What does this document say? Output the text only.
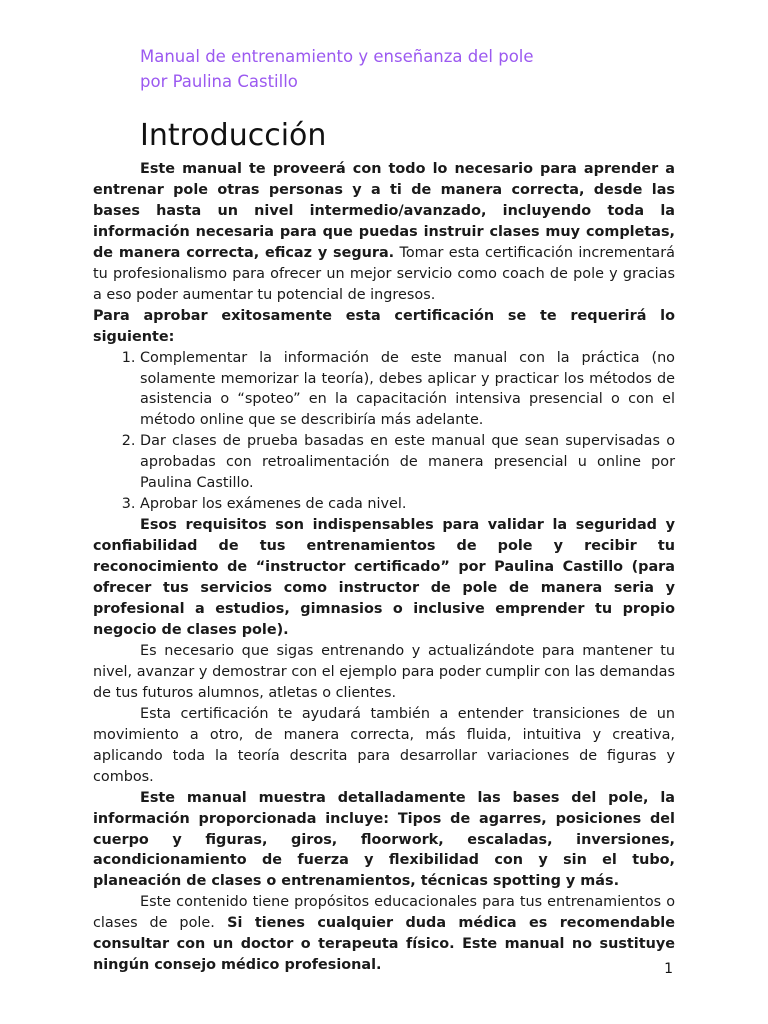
Manual de entrenamiento y enseñanza del pole
por Paulina Castillo
Introducción

Este manual te proveerá con todo lo necesario para aprender a entrenar pole otras personas y a ti de manera correcta, desde las bases hasta un nivel intermedio/avanzado, incluyendo toda la información necesaria para que puedas instruir clases muy completas, de manera correcta, eficaz y segura. Tomar esta certificación incrementará tu profesionalismo para ofrecer un mejor servicio como coach de pole y gracias a eso poder aumentar tu potencial de ingresos.

Para aprobar exitosamente esta certificación se te requerirá lo siguiente:

1. Complementar la información de este manual con la práctica (no solamente memorizar la teoría), debes aplicar y practicar los métodos de asistencia o “spoteo” en la capacitación intensiva presencial o con el método online que se describiría más adelante.
2. Dar clases de prueba basadas en este manual que sean supervisadas o aprobadas con retroalimentación de manera presencial u online por Paulina Castillo.
3. Aprobar los exámenes de cada nivel.

Esos requisitos son indispensables para validar la seguridad y confiabilidad de tus entrenamientos de pole y recibir tu reconocimiento de “instructor certificado” por Paulina Castillo (para ofrecer tus servicios como instructor de pole de manera seria y profesional a estudios, gimnasios o inclusive emprender tu propio negocio de clases pole).

Es necesario que sigas entrenando y actualizándote para mantener tu nivel, avanzar y demostrar con el ejemplo para poder cumplir con las demandas de tus futuros alumnos, atletas o clientes.

Esta certificación te ayudará también a entender transiciones de un movimiento a otro, de manera correcta, más fluida, intuitiva y creativa, aplicando toda la teoría descrita para desarrollar variaciones de figuras y combos.

Este manual muestra detalladamente las bases del pole, la información proporcionada incluye: Tipos de agarres, posiciones del cuerpo y figuras, giros, floorwork, escaladas, inversiones, acondicionamiento de fuerza y flexibilidad con y sin el tubo, planeación de clases o entrenamientos, técnicas spotting y más.

Este contenido tiene propósitos educacionales para tus entrenamientos o clases de pole. Si tienes cualquier duda médica es recomendable consultar con un doctor o terapeuta físico. Este manual no sustituye ningún consejo médico profesional.	1
